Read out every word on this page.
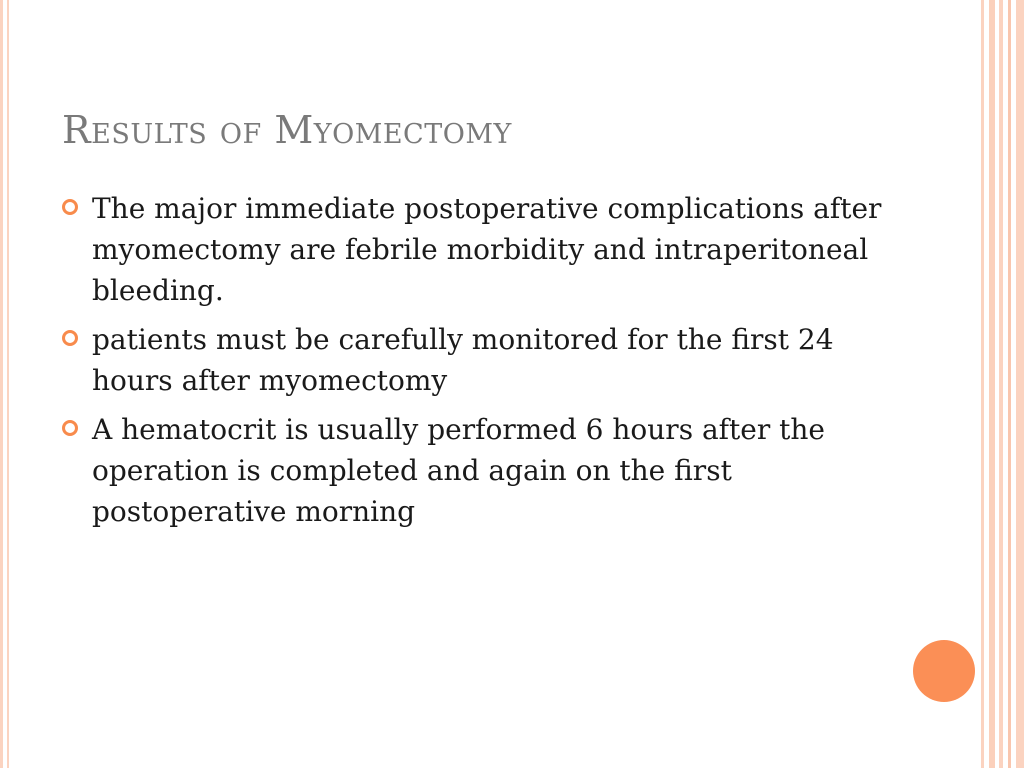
Results of Myomectomy
The major immediate postoperative complications after myomectomy are febrile morbidity and intraperitoneal bleeding.
patients must be carefully monitored for the first 24 hours after myomectomy
A hematocrit is usually performed 6 hours after the operation is completed and again on the first postoperative morning
